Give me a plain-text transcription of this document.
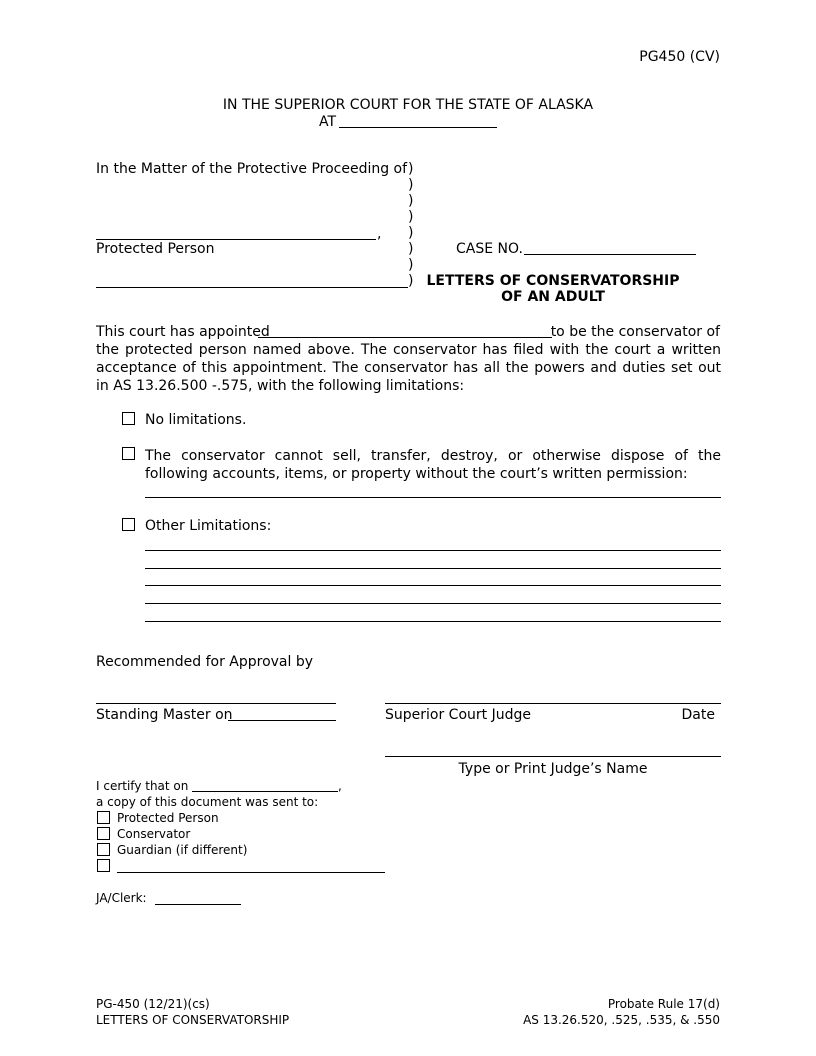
PG450 (CV)
IN THE SUPERIOR COURT FOR THE STATE OF ALASKA
AT
In the Matter of the Protective Proceeding of
,
Protected Person
)
)
)
)
)
)
)
)
CASE NO.
LETTERS OF CONSERVATORSHIP
OF AN ADULT
This court has appointed	to be the conservator of
the protected person named above. The conservator has filed with the court a written acceptance of this appointment. The conservator has all the powers and duties set out in AS 13.26.500 -.575, with the following limitations:
No limitations.
The conservator cannot sell, transfer, destroy, or otherwise dispose of the following accounts, items, or property without the court’s written permission:
Other Limitations:
Recommended for Approval by
Standing Master on	Superior Court Judge	Date
Type or Print Judge’s Name
I certify that on	,
a copy of this document was sent to:
Protected Person
Conservator
Guardian (if different)
JA/Clerk:
PG-450 (12/21)(cs)
LETTERS OF CONSERVATORSHIP
Probate Rule 17(d)
AS 13.26.520, .525, .535, & .550
